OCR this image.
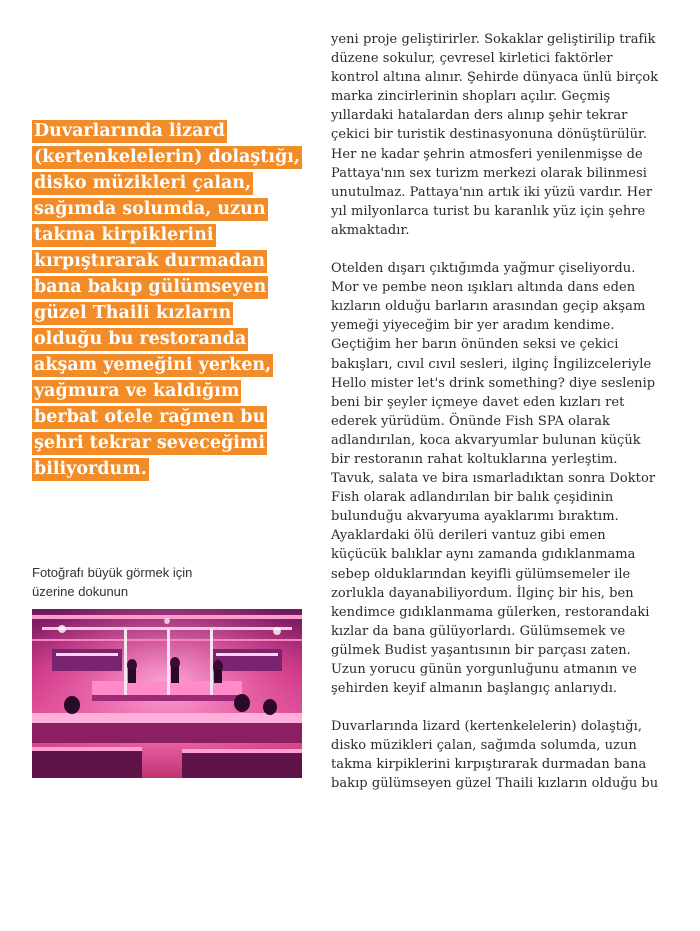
Duvarlarında lizard (kertenkelelerin) dolaştığı, disko müzikleri çalan, sağımda solumda, uzun takma kirpiklerini kırpıştırarak durmadan bana bakıp gülümseyen güzel Thaili kızların olduğu bu restoranda akşam yemeğini yerken, yağmura ve kaldığım berbat otele rağmen bu şehri tekrar seveceğimi biliyordum.

Fotoğrafı büyük görmek için
üzerine dokunun

yeni proje geliştirirler. Sokaklar geliştirilip trafik düzene sokulur, çevresel kirletici faktörler kontrol altına alınır. Şehirde dünyaca ünlü birçok marka zincirlerinin shopları açılır. Geçmiş yıllardaki hatalardan ders alınıp şehir tekrar çekici bir turistik destinasyonuna dönüştürülür. Her ne kadar şehrin atmosferi yenilenmişse de Pattaya'nın sex turizm merkezi olarak bilinmesi unutulmaz. Pattaya'nın artık iki yüzü vardır. Her yıl milyonlarca turist bu karanlık yüz için şehre akmaktadır.

Otelden dışarı çıktığımda yağmur çiseliyordu. Mor ve pembe neon ışıkları altında dans eden kızların olduğu barların arasından geçip akşam yemeği yiyeceğim bir yer aradım kendime. Geçtiğim her barın önünden seksi ve çekici bakışları, cıvıl cıvıl sesleri, ilginç İngilizceleriyle Hello mister let's drink something? diye seslenip beni bir şeyler içmeye davet eden kızları ret ederek yürüdüm. Önünde Fish SPA olarak adlandırılan, koca akvaryumlar bulunan küçük bir restoranın rahat koltuklarına yerleştim. Tavuk, salata ve bira ısmarladıktan sonra Doktor Fish olarak adlandırılan bir balık çeşidinin bulunduğu akvaryuma ayaklarımı bıraktım. Ayaklardaki ölü derileri vantuz gibi emen küçücük balıklar aynı zamanda gıdıklanmama sebep olduklarından keyifli gülümsemeler ile zorlukla dayanabiliyordum. İlginç bir his, ben kendimce gıdıklanmama gülerken, restorandaki kızlar da bana gülüyorlardı. Gülümsemek ve gülmek Budist yaşantısının bir parçası zaten. Uzun yorucu günün yorgunluğunu atmanın ve şehirden keyif almanın başlangıç anlarıydı.

Duvarlarında lizard (kertenkelelerin) dolaştığı, disko müzikleri çalan, sağımda solumda, uzun takma kirpiklerini kırpıştırarak durmadan bana bakıp gülümseyen güzel Thaili kızların olduğu bu
